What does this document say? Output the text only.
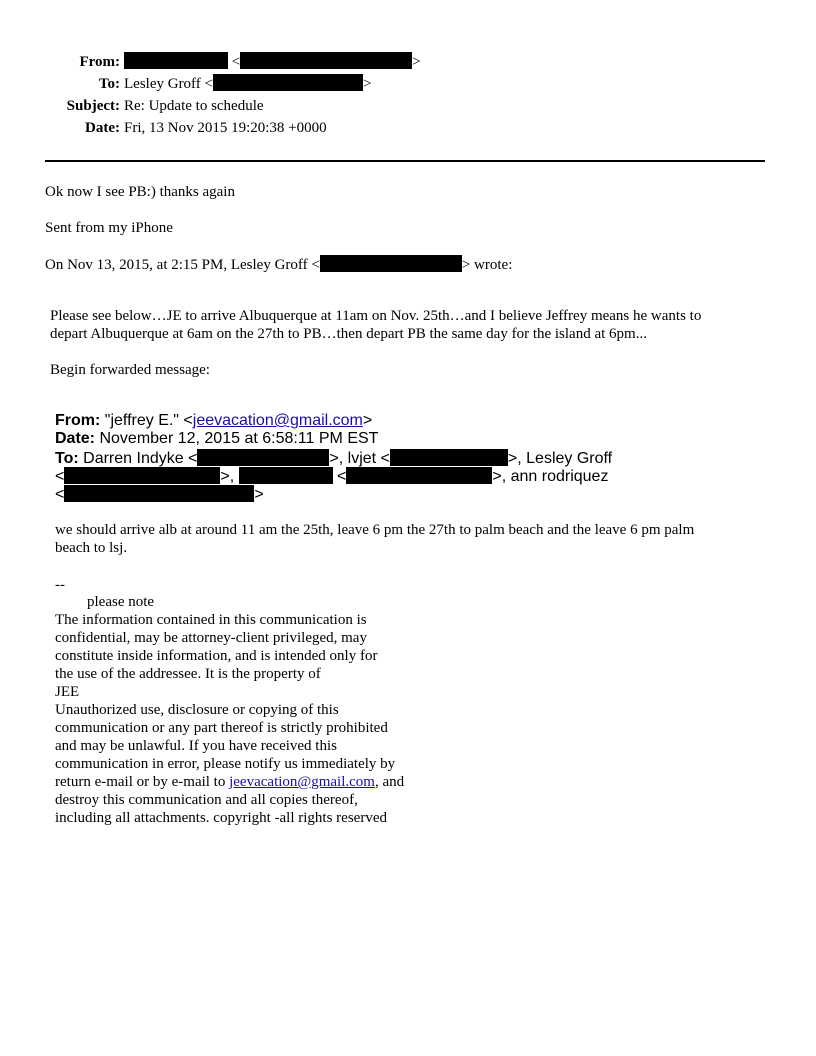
From:	<	>
To: Lesley Groff <	>
Subject: Re: Update to schedule
Date: Fri, 13 Nov 2015 19:20:38 +0000
Ok now I see PB:) thanks again
Sent from my iPhone
On Nov 13, 2015, at 2:15 PM, Lesley Groff <	> wrote:
Please see below…JE to arrive Albuquerque at 11am on Nov. 25th…and I believe Jeffrey means he wants to
depart Albuquerque at 6am on the 27th to PB…then depart PB the same day for the island at 6pm...
Begin forwarded message:
From: "jeffrey E." <jeevacation@gmail.com>
Date: November 12, 2015 at 6:58:11 PM EST
To: Darren Indyke <	>, lvjet <	>, Lesley Groff
<	>,	<	>, ann rodriquez
<	>
we should arrive alb at around 11 am the 25th, leave 6 pm the 27th to palm beach and the leave 6 pm palm
beach to lsj.
--
please note
The information contained in this communication is
confidential, may be attorney-client privileged, may
constitute inside information, and is intended only for
the use of the addressee. It is the property of
JEE
Unauthorized use, disclosure or copying of this
communication or any part thereof is strictly prohibited
and may be unlawful. If you have received this
communication in error, please notify us immediately by
return e-mail or by e-mail to jeevacation@gmail.com, and
destroy this communication and all copies thereof,
including all attachments. copyright -all rights reserved
